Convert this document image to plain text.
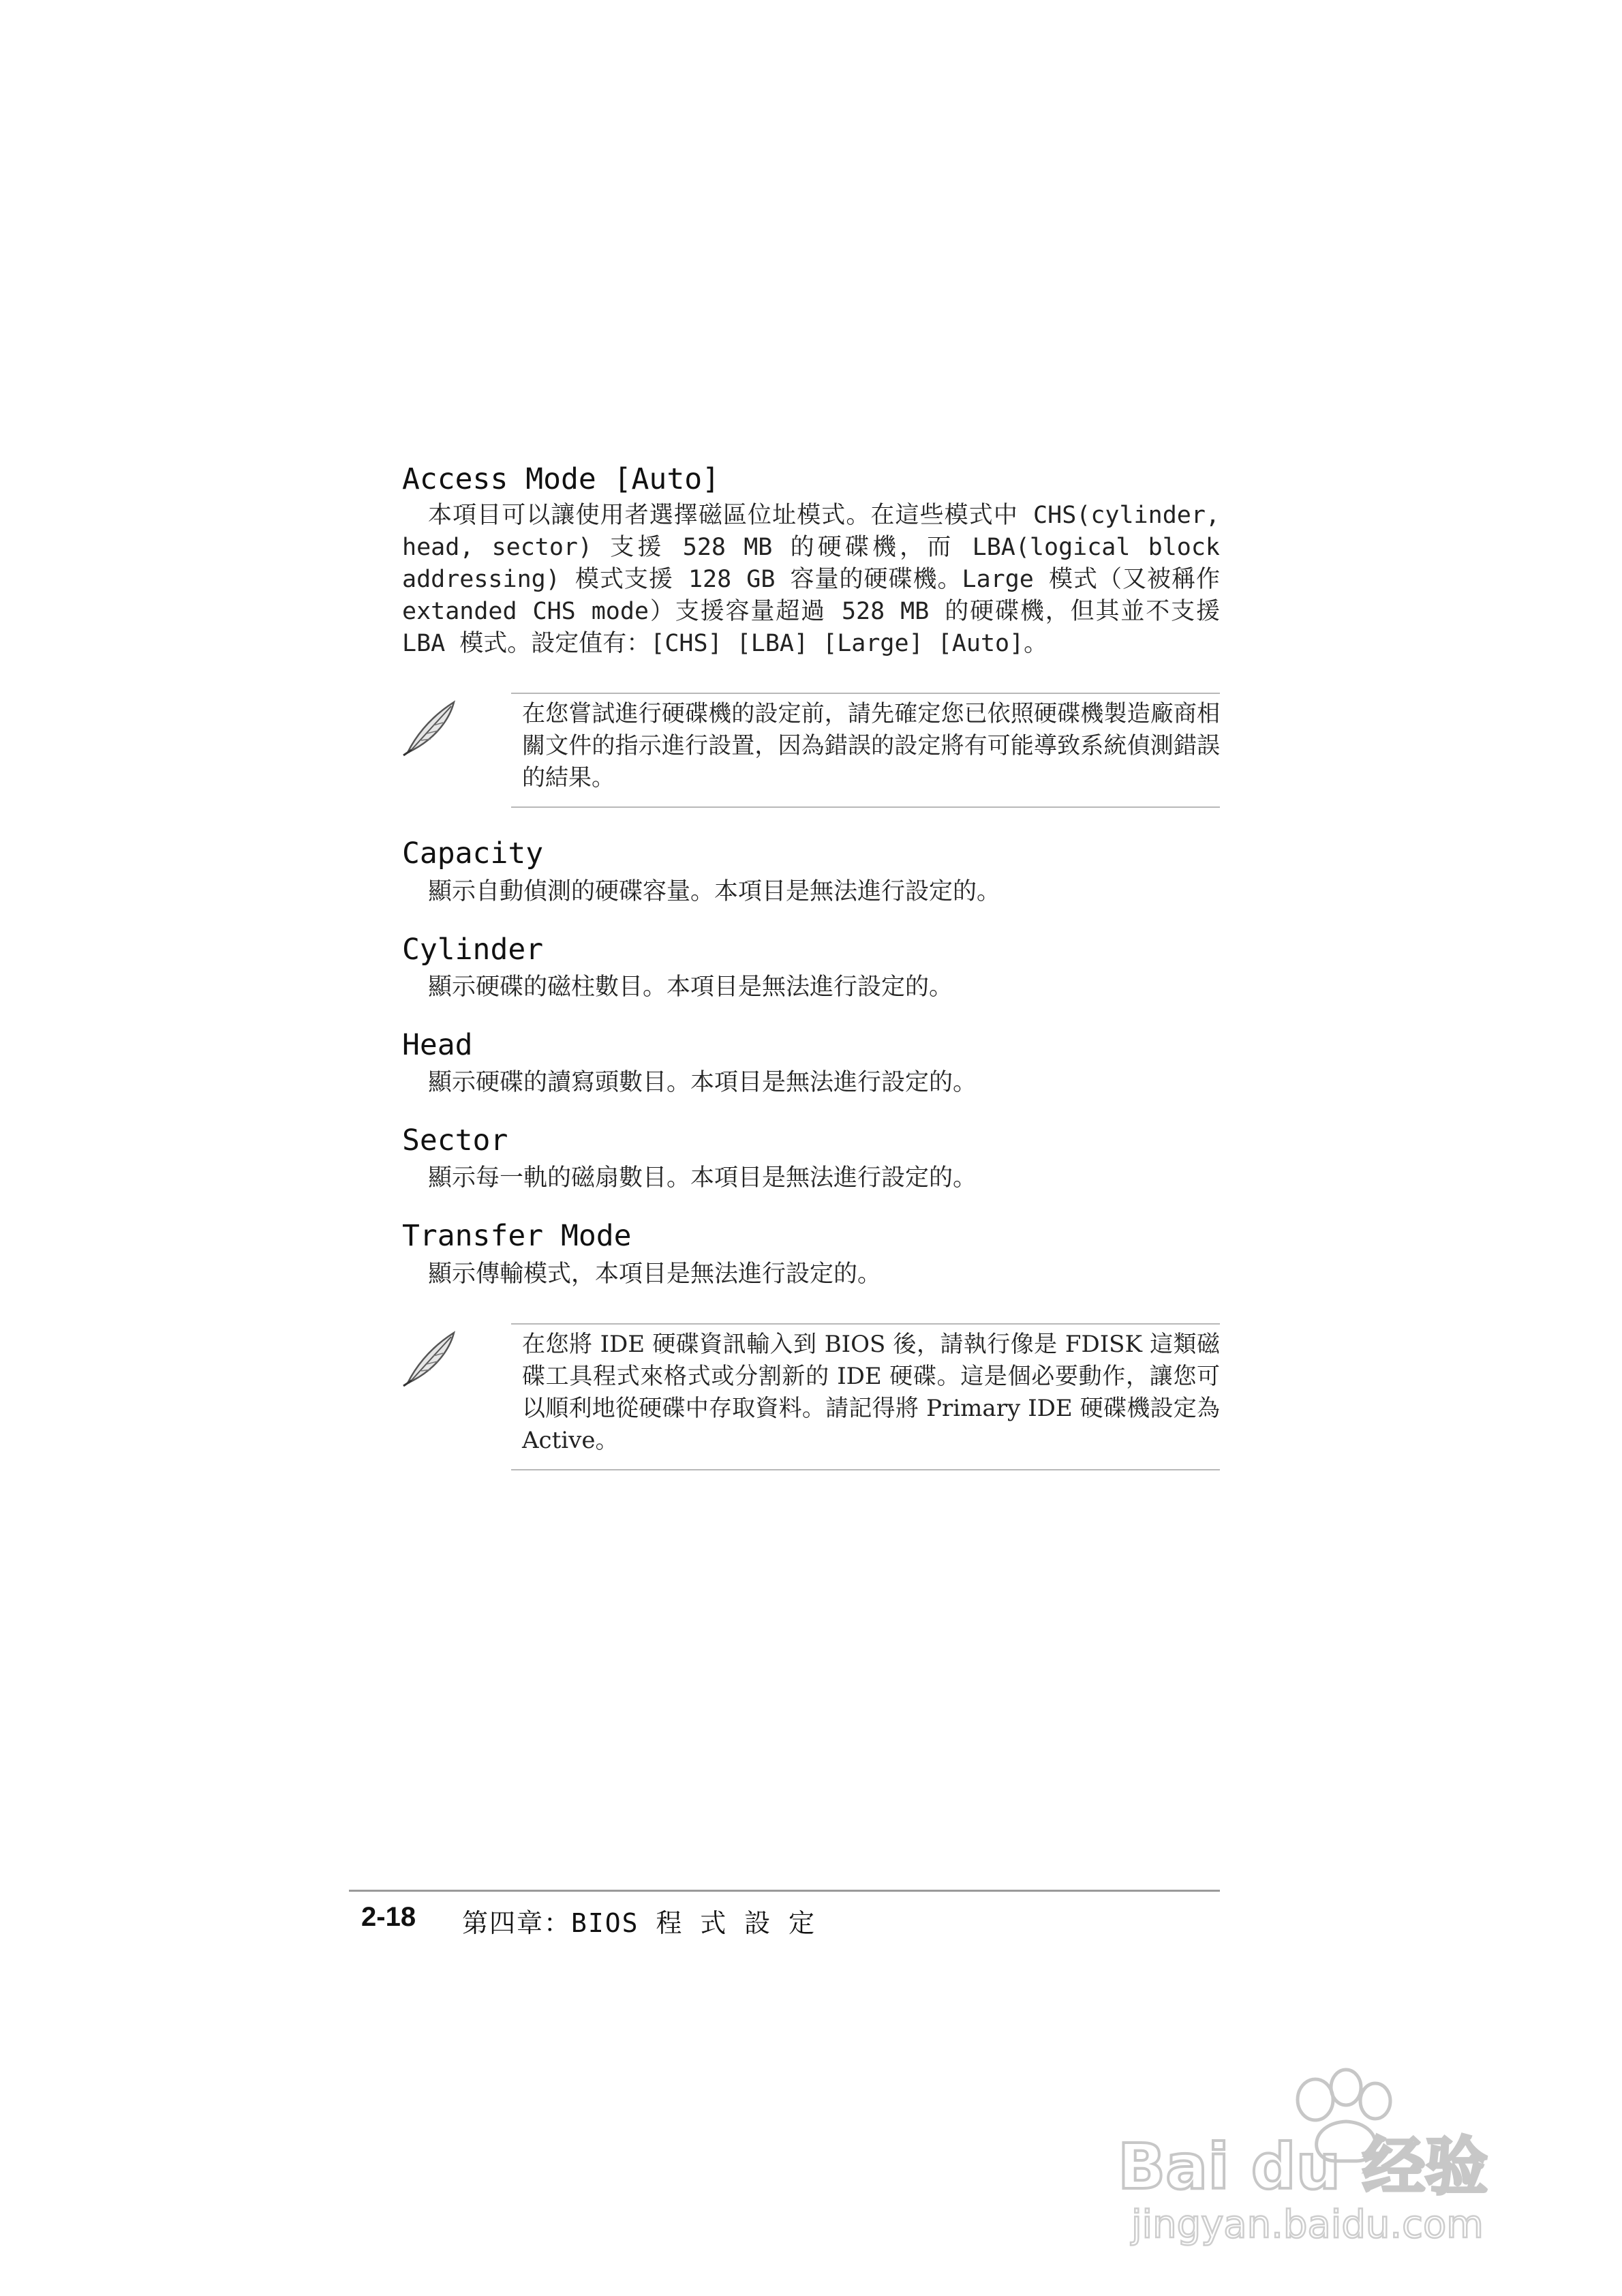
Access Mode [Auto]

本項目可以讓使用者選擇磁區位址模式。在這些模式中 CHS(cylinder, head, sector) 支援 528 MB 的硬碟機，而 LBA(logical block addressing) 模式支援 128 GB 容量的硬碟機。Large 模式（又被稱作 extanded CHS mode）支援容量超過 528 MB 的硬碟機，但其並不支援 LBA 模式。設定值有：[CHS] [LBA] [Large] [Auto]。

在您嘗試進行硬碟機的設定前，請先確定您已依照硬碟機製造廠商相關文件的指示進行設置，因為錯誤的設定將有可能導致系統偵測錯誤的結果。

Capacity

顯示自動偵測的硬碟容量。本項目是無法進行設定的。

Cylinder

顯示硬碟的磁柱數目。本項目是無法進行設定的。

Head

顯示硬碟的讀寫頭數目。本項目是無法進行設定的。

Sector

顯示每一軌的磁扇數目。本項目是無法進行設定的。

Transfer Mode

顯示傳輸模式，本項目是無法進行設定的。

在您將 IDE 硬碟資訊輸入到 BIOS 後，請執行像是 FDISK 這類磁碟工具程式來格式或分割新的 IDE 硬碟。這是個必要動作，讓您可以順利地從硬碟中存取資料。請記得將 Primary IDE 硬碟機設定為 Active。

2-18 第四章：BIOS 程 式 設 定
Bai du 经验
jingyan.baidu.com
